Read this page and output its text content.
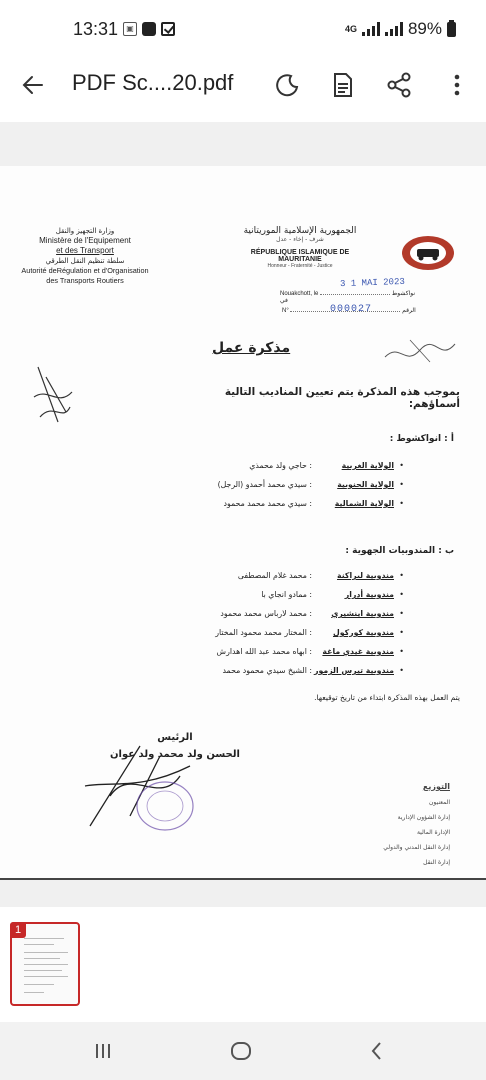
13:31	▣	4G	89%
PDF Sc....20.pdf
وزارة التجهيز والنقل
Ministère de l'Equipement
et des Transport
سلطة تنظيم النقل الطرقي
Autorité deRégulation et d'Organisation
des Transports Routiers
الجمهورية الإسلامية الموريتانية
شرف - إخاء - عدل
RÉPUBLIQUE ISLAMIQUE DE MAURITANIE
Honneur - Fraternité - Justice
Nouakchott, le	نواكشوط في
3 1 MAI 2023
N°	الرقم
000027
مذكرة عمل
بموجب هذه المذكرة يتم تعيين المناديب التالية أسماؤهم:
أ : انواكشوط :
•
الولاية الغربية
: حاجي ولد محمذي
•
الولاية الجنوبية
: سيدي محمد أحمدو (الرجل)
•
الولاية الشمالية
: سيدي محمد محمد محمود
ب : المندوبيات الجهوية :
•
مندوبية لبراكنة
: محمد غلام المصطفى
•
مندوبية أدرار
: ممادو انجاي با
•
مندوبية اينشيري
: محمد لارباس محمد محمود
•
مندوبية كوركول
: المختار محمد محمود المختار
•
مندوبية غيدي ماغة
: ابهاه محمد عبد الله اهدارش
•
مندوبية تيرس الزمور
: الشيخ سيدي محمود محمد
يتم العمل بهذه المذكرة ابتداء من تاريخ توقيعها.
الرئيس
الحسن ولد محمد ولد عوان
التوزيع
المعنيون
إدارة الشؤون الإدارية
الإدارة المالية
إدارة النقل المدني والدولي
إدارة النقل
1
